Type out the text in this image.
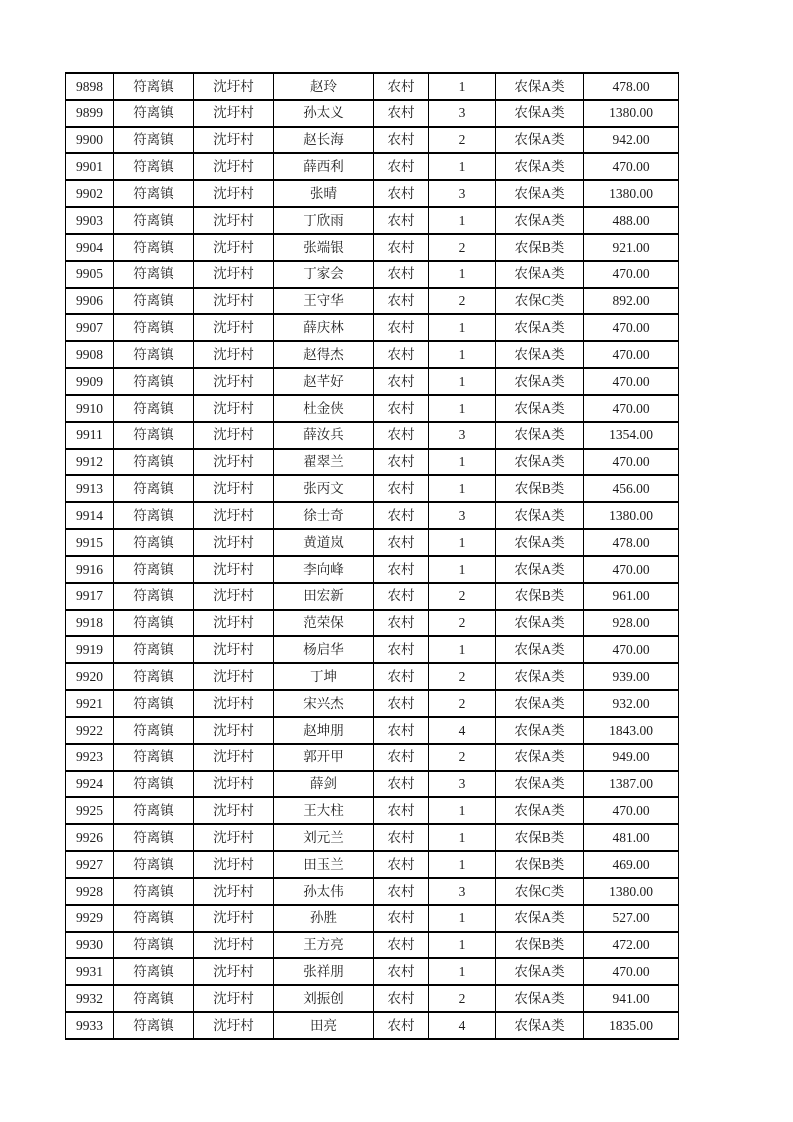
9898	符离镇	沈圩村	赵玲	农村	1	农保A类	478.00
9899	符离镇	沈圩村	孙太义	农村	3	农保A类	1380.00
9900	符离镇	沈圩村	赵长海	农村	2	农保A类	942.00
9901	符离镇	沈圩村	薛西利	农村	1	农保A类	470.00
9902	符离镇	沈圩村	张晴	农村	3	农保A类	1380.00
9903	符离镇	沈圩村	丁欣雨	农村	1	农保A类	488.00
9904	符离镇	沈圩村	张端银	农村	2	农保B类	921.00
9905	符离镇	沈圩村	丁家会	农村	1	农保A类	470.00
9906	符离镇	沈圩村	王守华	农村	2	农保C类	892.00
9907	符离镇	沈圩村	薛庆林	农村	1	农保A类	470.00
9908	符离镇	沈圩村	赵得杰	农村	1	农保A类	470.00
9909	符离镇	沈圩村	赵芊好	农村	1	农保A类	470.00
9910	符离镇	沈圩村	杜金侠	农村	1	农保A类	470.00
9911	符离镇	沈圩村	薛汝兵	农村	3	农保A类	1354.00
9912	符离镇	沈圩村	翟翠兰	农村	1	农保A类	470.00
9913	符离镇	沈圩村	张丙文	农村	1	农保B类	456.00
9914	符离镇	沈圩村	徐士奇	农村	3	农保A类	1380.00
9915	符离镇	沈圩村	黄道岚	农村	1	农保A类	478.00
9916	符离镇	沈圩村	李向峰	农村	1	农保A类	470.00
9917	符离镇	沈圩村	田宏新	农村	2	农保B类	961.00
9918	符离镇	沈圩村	范荣保	农村	2	农保A类	928.00
9919	符离镇	沈圩村	杨启华	农村	1	农保A类	470.00
9920	符离镇	沈圩村	丁坤	农村	2	农保A类	939.00
9921	符离镇	沈圩村	宋兴杰	农村	2	农保A类	932.00
9922	符离镇	沈圩村	赵坤朋	农村	4	农保A类	1843.00
9923	符离镇	沈圩村	郭开甲	农村	2	农保A类	949.00
9924	符离镇	沈圩村	薛剑	农村	3	农保A类	1387.00
9925	符离镇	沈圩村	王大柱	农村	1	农保A类	470.00
9926	符离镇	沈圩村	刘元兰	农村	1	农保B类	481.00
9927	符离镇	沈圩村	田玉兰	农村	1	农保B类	469.00
9928	符离镇	沈圩村	孙太伟	农村	3	农保C类	1380.00
9929	符离镇	沈圩村	孙胜	农村	1	农保A类	527.00
9930	符离镇	沈圩村	王方亮	农村	1	农保B类	472.00
9931	符离镇	沈圩村	张祥朋	农村	1	农保A类	470.00
9932	符离镇	沈圩村	刘振创	农村	2	农保A类	941.00
9933	符离镇	沈圩村	田亮	农村	4	农保A类	1835.00
